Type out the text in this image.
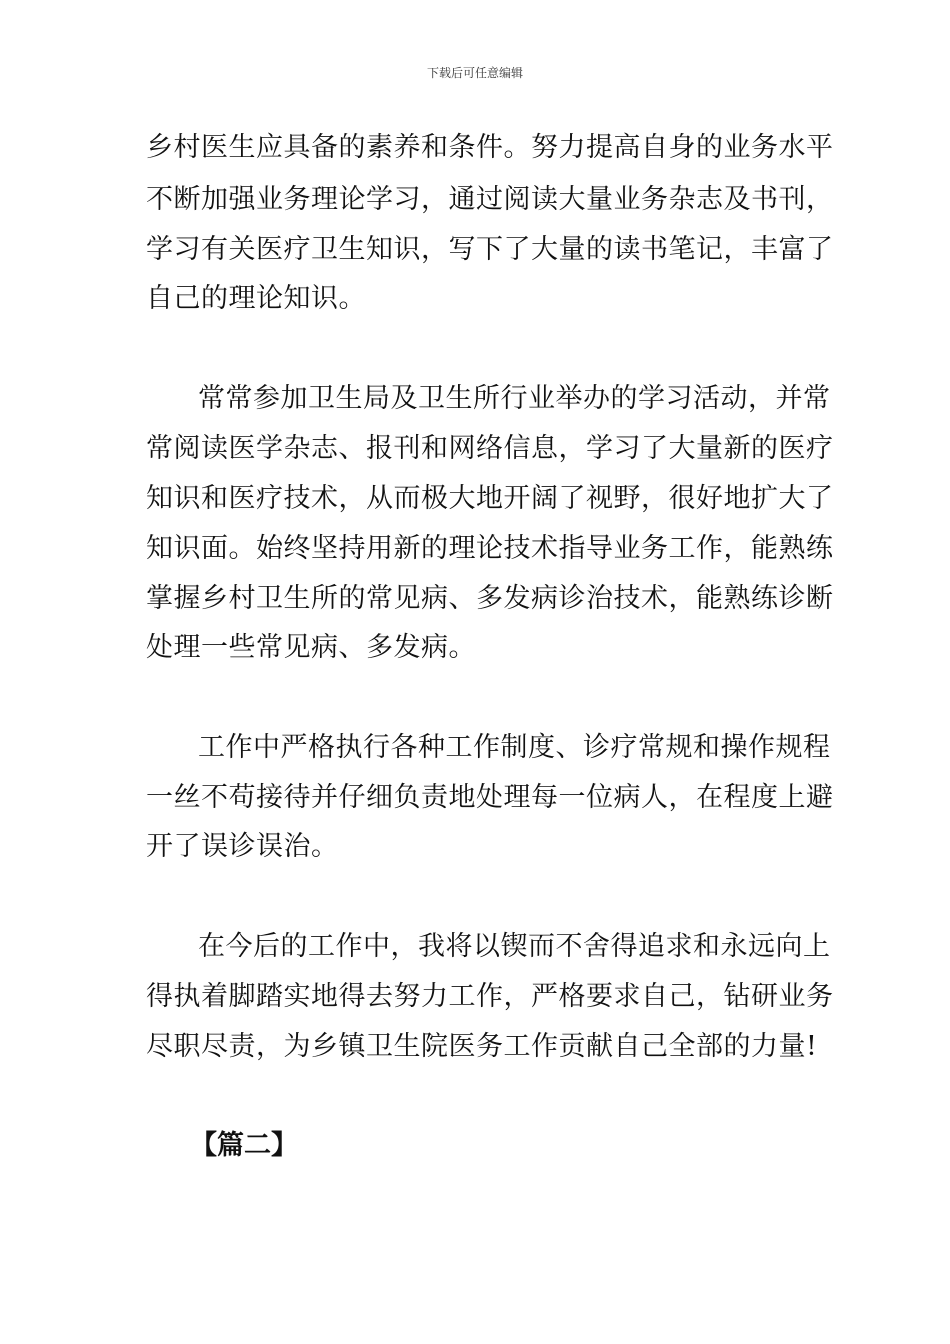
下载后可任意编辑
乡村医生应具备的素养和条件。努力提高自身的业务水平
不断加强业务理论学习，通过阅读大量业务杂志及书刊，
学习有关医疗卫生知识，写下了大量的读书笔记，丰富了
自己的理论知识。
常常参加卫生局及卫生所行业举办的学习活动，并常
常阅读医学杂志、报刊和网络信息，学习了大量新的医疗
知识和医疗技术，从而极大地开阔了视野，很好地扩大了
知识面。始终坚持用新的理论技术指导业务工作，能熟练
掌握乡村卫生所的常见病、多发病诊治技术，能熟练诊断
处理一些常见病、多发病。
工作中严格执行各种工作制度、诊疗常规和操作规程
一丝不苟接待并仔细负责地处理每一位病人，在程度上避
开了误诊误治。
在今后的工作中，我将以锲而不舍得追求和永远向上
得执着脚踏实地得去努力工作，严格要求自己，钻研业务
尽职尽责，为乡镇卫生院医务工作贡献自己全部的力量!
【篇二】
